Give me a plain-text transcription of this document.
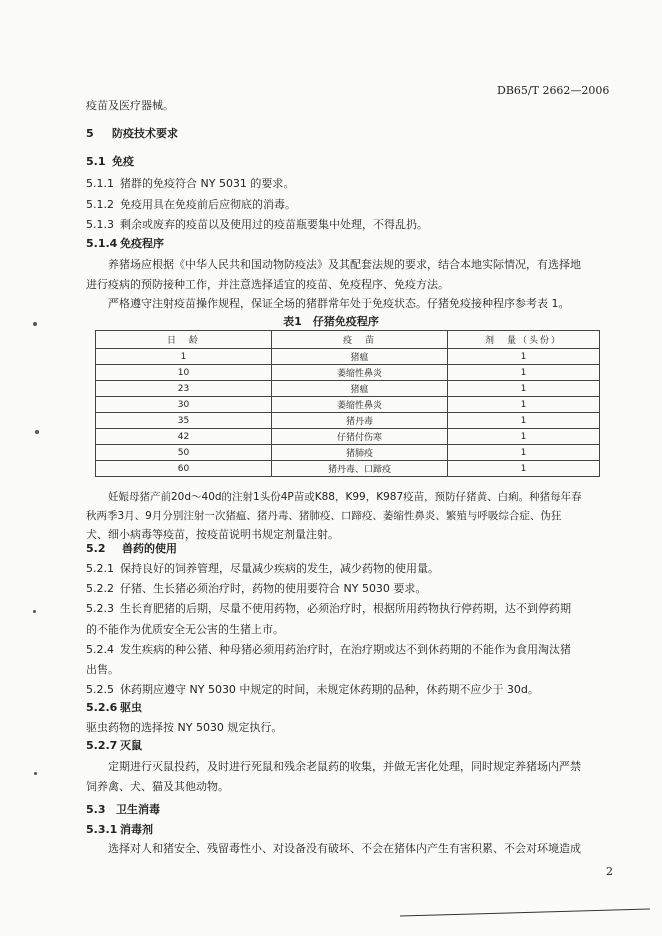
DB65/T 2662—2006
疫苗及医疗器械。
5 防疫技术要求
5.1 免疫
5.1.1 猪群的免疫符合 NY 5031 的要求。
5.1.2 免疫用具在免疫前后应彻底的消毒。
5.1.3 剩余或废弃的疫苗以及使用过的疫苗瓶要集中处理，不得乱扔。
5.1.4 免疫程序
养猪场应根据《中华人民共和国动物防疫法》及其配套法规的要求，结合本地实际情况，有选择地
进行疫病的预防接种工作，并注意选择适宜的疫苗、免疫程序、免疫方法。
严格遵守注射疫苗操作规程，保证全场的猪群常年处于免疫状态。仔猪免疫接种程序参考表 1。
表1　仔猪免疫程序
日　龄	疫　苗	剂　量（头份）
1	猪瘟	1
10	萎缩性鼻炎	1
23	猪瘟	1
30	萎缩性鼻炎	1
35	猪丹毒	1
42	仔猪付伤寒	1
50	猪肺疫	1
60	猪丹毒、口蹄疫	1
妊娠母猪产前20d～40d的注射1头份4P苗或K88，K99，K987疫苗，预防仔猪黄、白痢。种猪每年春
秋两季3月、9月分别注射一次猪瘟、猪丹毒、猪肺疫、口蹄疫、萎缩性鼻炎、繁殖与呼吸综合症、伪狂
犬、细小病毒等疫苗，按疫苗说明书规定剂量注射。
5.2 兽药的使用
5.2.1 保持良好的饲养管理，尽量减少疾病的发生，减少药物的使用量。
5.2.2 仔猪、生长猪必须治疗时，药物的使用要符合 NY 5030 要求。
5.2.3 生长育肥猪的后期，尽量不使用药物，必须治疗时，根据所用药物执行停药期，达不到停药期
的不能作为优质安全无公害的生猪上市。
5.2.4 发生疾病的种公猪、种母猪必须用药治疗时，在治疗期或达不到休药期的不能作为食用淘汰猪
出售。
5.2.5 休药期应遵守 NY 5030 中规定的时间，未规定休药期的品种，休药期不应少于 30d。
5.2.6 驱虫
驱虫药物的选择按 NY 5030 规定执行。
5.2.7 灭鼠
定期进行灭鼠投药，及时进行死鼠和残余老鼠药的收集，并做无害化处理，同时规定养猪场内严禁
饲养禽、犬、猫及其他动物。
5.3 卫生消毒
5.3.1 消毒剂
选择对人和猪安全、残留毒性小、对设备没有破坏、不会在猪体内产生有害积累、不会对环境造成
2
